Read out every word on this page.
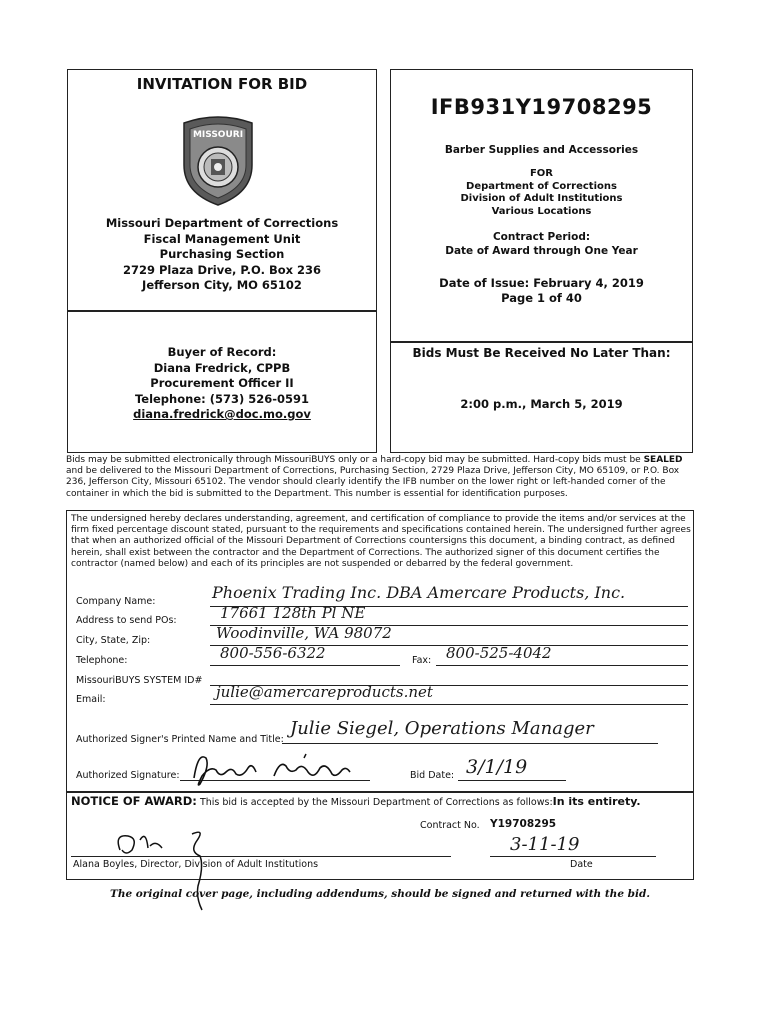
INVITATION FOR BID
MISSOURI
Missouri Department of Corrections
Fiscal Management Unit
Purchasing Section
2729 Plaza Drive, P.O. Box 236
Jefferson City, MO 65102
IFB931Y19708295
Barber Supplies and Accessories
FOR
Department of Corrections
Division of Adult Institutions
Various Locations
Contract Period:
Date of Award through One Year
Date of Issue: February 4, 2019
Page 1 of 40
Buyer of Record:
Diana Fredrick, CPPB
Procurement Officer II
Telephone: (573) 526-0591
diana.fredrick@doc.mo.gov
Bids Must Be Received No Later Than:
2:00 p.m., March 5, 2019
Bids may be submitted electronically through MissouriBUYS only or a hard-copy bid may be submitted. Hard-copy bids must be SEALED and be delivered to the Missouri Department of Corrections, Purchasing Section, 2729 Plaza Drive, Jefferson City, MO 65109, or P.O. Box 236, Jefferson City, Missouri 65102. The vendor should clearly identify the IFB number on the lower right or left-handed corner of the container in which the bid is submitted to the Department. This number is essential for identification purposes.
The undersigned hereby declares understanding, agreement, and certification of compliance to provide the items and/or services at the firm fixed percentage discount stated, pursuant to the requirements and specifications contained herein. The undersigned further agrees that when an authorized official of the Missouri Department of Corrections countersigns this document, a binding contract, as defined herein, shall exist between the contractor and the Department of Corrections. The authorized signer of this document certifies the contractor (named below) and each of its principles are not suspended or debarred by the federal government.
Company Name:	Phoenix Trading Inc. DBA Amercare Products, Inc.
Address to send POs:	17661 128th Pl NE
City, State, Zip:	Woodinville, WA 98072
Telephone:	800-556-6322	Fax: 800-525-4042
MissouriBUYS SYSTEM ID#
Email:	julie@amercareproducts.net
Authorized Signer's Printed Name and Title:
Julie Siegel, Operations Manager
Authorized Signature:	Bid Date: 3/1/19
NOTICE OF AWARD: This bid is accepted by the Missouri Department of Corrections as follows:In its entirety.
Contract No. Y19708295
Alana Boyles, Director, Division of Adult Institutions
3-11-19
Date
The original cover page, including addendums, should be signed and returned with the bid.
